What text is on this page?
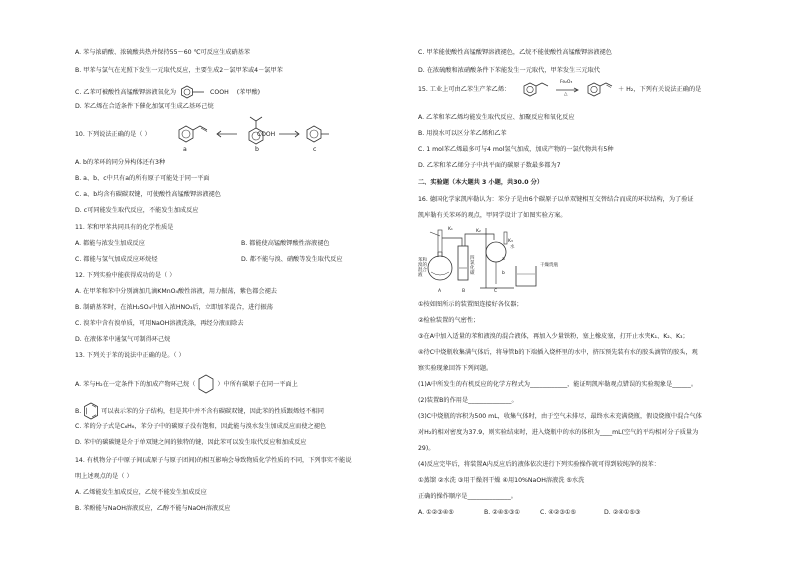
A. 苯与浓硝酸、浓硫酸共热并保持55～60 ℃可反应生成硝基苯
B. 甲苯与氯气在光照下发生一元取代反应，主要生成2－氯甲苯或4－氯甲苯
C. 乙苯可被酸性高锰酸钾溶液氧化为	COOH (苯甲酸)
D. 苯乙烯在合适条件下催化加氢可生成乙基环己烷
10. 下列说法正确的是（ ）	COOH
a	b	c
A. b的苯环的同分异构体还有3种
B. a、b、c中只有a的所有原子可能处于同一平面
C. a、b均含有碳碳双键，可使酸性高锰酸钾溶液褪色
D. c可同能发生取代反应，不能发生加成反应
11. 苯和甲苯共同具有的化学性质是
A. 都能与浓发生加成反应	B. 都能使高锰酸钾酸性溶液褪色
C. 都能与氢气加成反应环烷烃	D. 都不能与溴、硝酸等发生取代反应
12. 下列实验中能获得成功的是（ ）
A. 在甲苯和苯中分别滴加几滴KMnO₄酸性溶液，用力振荡，紫色都会褪去
B. 制硝基苯时，在浓H₂SO₄中加入浓HNO₃后，立即加苯混合，进行振荡
C. 溴苯中含有溴单质，可用NaOH溶液洗涤，再经分液而除去
D. 在液体苯中通氢气可制得环己烷
13. 下列关于苯的说法中正确的是。（ ）
A. 苯与H₂在一定条件下的加成产物环己烷（	）中所有碳原子在同一平面上
B.	可以表示苯的分子结构，但是其中并不含有碳碳双键，因此苯的性质跟烯烃不相同
C. 苯的分子式是C₆H₆，苯分子中的碳原子没有饱和，因此能与溴水发生加成反应而使之褪色
D. 苯中的碳碳键是介于单双键之间的独特的键，因此苯可以发生取代反应和加成反应
14. 有机物分子中原子间(或原子与原子团间)的相互影响会导致物质化学性质的不同，下列事实不能说
明上述观点的是（ ）
A. 乙烯能发生加成反应，乙烷不能发生加成反应
B. 苯酚能与NaOH溶液反应，乙醇不能与NaOH溶液反应
C. 甲苯能使酸性高锰酸钾溶液褪色，乙烷不能使酸性高锰酸钾溶液褪色
D. 在浓硫酸和浓硝酸条件下苯能发生一元取代，甲苯发生三元取代
15. 工业上可由乙苯生产苯乙烯：
Fe₂O₃
△
＋ H₂，下列有关说法正确的是
A. 乙苯和苯乙烯均能发生取代反应、加聚反应和氧化反应
B. 用溴水可以区分苯乙烯和乙苯
C. 1 mol苯乙烯最多可与4 mol氢气加成，加成产物的一氯代物共有5种
D. 乙苯和苯乙烯分子中共平面的碳原子数最多都为7
二、实验题（本大题共 3 小题，共30.0 分）
16. 德国化学家凯库勒认为：苯分子是由6个碳原子以单双键相互交替结合而成的环状结构，为了验证
凯库勒有关苯环的观点，甲同学设计了如图实验方案。
苯和溴的混合液
K₁	K₂
K₃
四氯化碳
a
b
水
干燥烧瓶
A	B	C
①按如图所示的装置图连接好各仪器；
②检验装置的气密性；
③在A中加入适量的苯和液溴的混合液体，再加入少量铁粉，塞上橡皮塞，打开止水夹K₁、K₂、K₃；
④待C中烧瓶收集满气体后，将导管b的下端插入烧杯里的水中，挤压预先装有水的胶头滴管的胶头，观
察实验现象回答下列问题。
(1)A中所发生的有机反应的化学方程式为____________，能证明凯库勒观点错误的实验现象是______。
(2)装置B的作用是______________。
(3)C中烧瓶的容积为500 mL，收集气体时，由于空气未排尽，最终水未充满烧瓶，假设烧瓶中混合气体
对H₂的相对密度为37.9，则实验结束时，进入烧瓶中的水的体积为____mL(空气的平均相对分子质量为
29)。
(4)反应完毕后，将装置A内反应后的液体依次进行下列实验操作就可得到较纯净的溴苯：
①蒸馏 ②水洗 ③用干燥剂干燥 ④用10%NaOH溶液洗 ⑤水洗
正确的操作顺序是______________。
A. ①②③④⑤	B. ②④⑤③①	C. ④②③①⑤	D. ②④①⑤③
